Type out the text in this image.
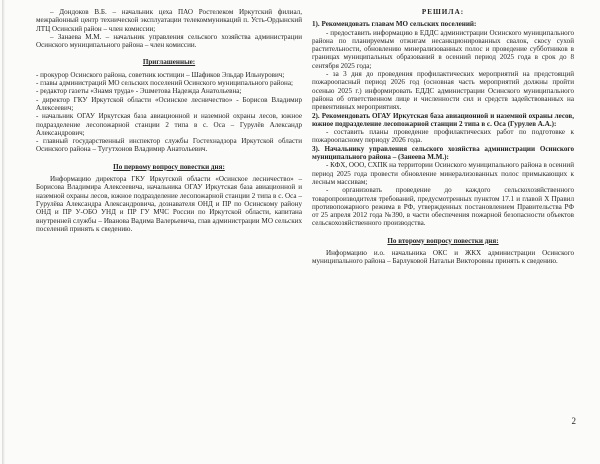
– Дондоков В.Б. – начальник цеха ПАО Ростелеком Иркутский филиал, межрайонный центр технической эксплуатации телекоммуникаций п. Усть-Ордынский ЛТЦ Осинский район – член комиссии;

– Занаева М.М. – начальник управления сельского хозяйства администрации Осинского муниципального района – член комиссии.

Приглашенные:

- прокурор Осинского района, советник юстиции – Шафиков Эльдар Ильнурович;

- главы администраций МО сельских поселений Осинского муниципального района;

- редактор газеты «Знамя труда» - Эшметова Надежда Анатольевна;

- директор ГКУ Иркутской области «Осинское лесничество» - Борисов Владимир Алексеевич;

- начальник ОГАУ Иркутская база авиационной и наземной охраны лесов, южное подразделение лесопожарной станции 2 типа в с. Оса – Гурулёв Александр Александрович;

- главный государственный инспектор службы Гостехнадзора Иркутской области Осинского района – Тугутхонов Владимир Анатольевич.

По первому вопросу повестки дня:

Информацию директора ГКУ Иркутской области «Осинское лесничество» – Борисова Владимира Алексеевича, начальника ОГАУ Иркутская база авиационной и наземной охраны лесов, южное подразделение лесопожарной станции 2 типа в с. Оса – Гурулёва Александра Александровича, дознавателя ОНД и ПР по Осинскому району ОНД и ПР У-ОБО УНД и ПР ГУ МЧС России по Иркутской области, капитана внутренней службы – Иванова Вадима Валерьевича, глав администрации МО сельских поселений принять к сведению.

РЕШИЛА:

1). Рекомендовать главам МО сельских поселений:

- предоставить информацию в ЕДДС администрации Осинского муниципального района по планируемым отжигам несанкционированных свалок, скосу сухой растительности, обновлению минерализованных полос и проведение субботников в границах муниципальных образований в осенний период 2025 года в срок до 8 сентября 2025 года;

- за 3 дня до проведения профилактических мероприятий на предстоящий пожароопасный период 2026 год (основная часть мероприятий должны пройти осенью 2025 г.) информировать ЕДДС администрации Осинского муниципального района об ответственном лице и численности сил и средств задействованных на превентивных мероприятиях.

2). Рекомендовать ОГАУ Иркутская база авиационной и наземной охраны лесов, южное подразделение лесопожарной станции 2 типа в с. Оса (Гурулев А.А.):

- составить планы проведение профилактических работ по подготовке к пожароопасному периоду 2026 года.

3). Начальнику управления сельского хозяйства администрации Осинского муниципального района – (Занеева М.М.):

- КФХ, ООО, СХПК на территории Осинского муниципального района в осенний период 2025 года провести обновление минерализованных полос примыкающих к лесным массивам;

- организовать проведение до каждого сельскохозяйственного товаропроизводителя требований, предусмотренных пунктом 17.1 и главой X Правил противопожарного режима в РФ, утвержденных постановлением Правительства РФ от 25 апреля 2012 года №390, в части обеспечения пожарной безопасности объектов сельскохозяйственного производства.

По второму вопросу повестки дня:

Информацию и.о. начальника ОКС и ЖКХ администрации Осинского муниципального района – Барлуковой Натальи Викторовны принять к сведению.

2
